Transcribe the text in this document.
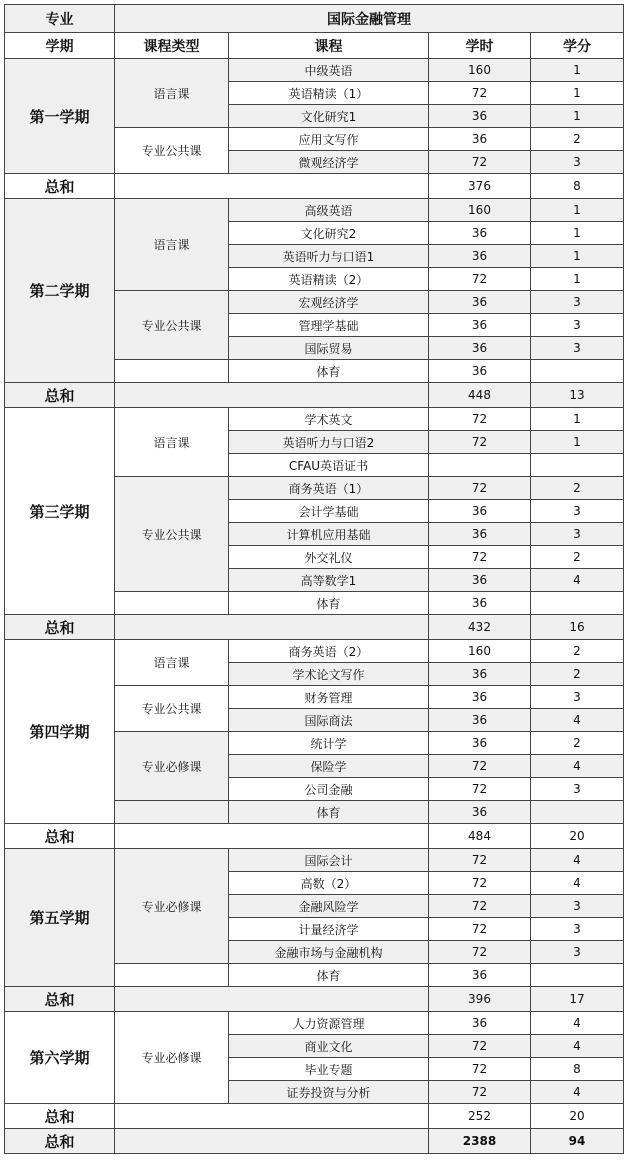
专业	国际金融管理			
学期	课程类型	课程	学时	学分
第一学期	语言课	中级英语	160	1
		英语精读（1）	72	1
		文化研究1	36	1
	专业公共课	应用文写作	36	2
		微观经济学	72	3
总和			376	8
第二学期	语言课	高级英语	160	1
		文化研究2	36	1
		英语听力与口语1	36	1
		英语精读（2）	72	1
	专业公共课	宏观经济学	36	3
		管理学基础	36	3
		国际贸易	36	3
		体育	36	
总和			448	13
第三学期	语言课	学术英文	72	1
		英语听力与口语2	72	1
		CFAU英语证书		
	专业公共课	商务英语（1）	72	2
		会计学基础	36	3
		计算机应用基础	36	3
		外交礼仪	72	2
		高等数学1	36	4
		体育	36	
总和			432	16
第四学期	语言课	商务英语（2）	160	2
		学术论文写作	36	2
	专业公共课	财务管理	36	3
		国际商法	36	4
	专业必修课	统计学	36	2
		保险学	72	4
		公司金融	72	3
		体育	36	
总和			484	20
第五学期	专业必修课	国际会计	72	4
		高数（2）	72	4
		金融风险学	72	3
		计量经济学	72	3
		金融市场与金融机构	72	3
		体育	36	
总和			396	17
第六学期	专业必修课	人力资源管理	36	4
		商业文化	72	4
		毕业专题	72	8
		证券投资与分析	72	4
总和			252	20
总和			2388	94
